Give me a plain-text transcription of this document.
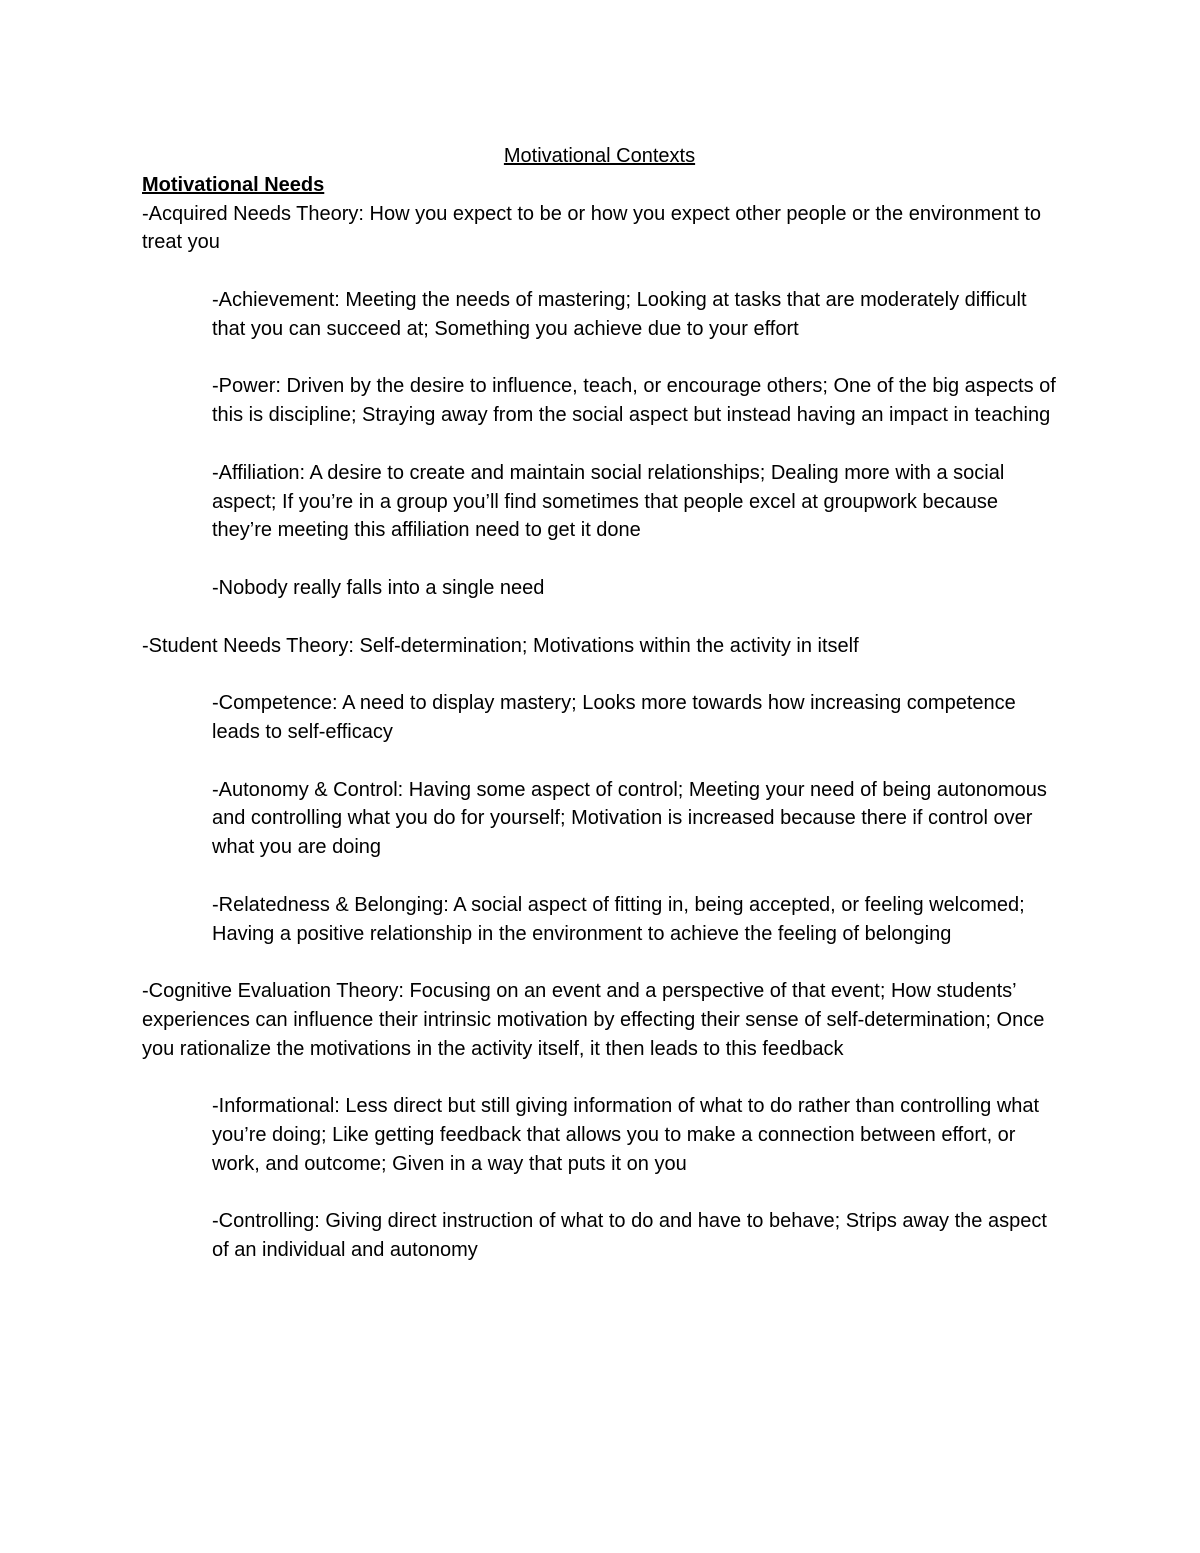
Motivational Contexts

Motivational Needs

-Acquired Needs Theory: How you expect to be or how you expect other people or the environment to treat you

-Achievement: Meeting the needs of mastering; Looking at tasks that are moderately difficult that you can succeed at; Something you achieve due to your effort

-Power: Driven by the desire to influence, teach, or encourage others; One of the big aspects of this is discipline; Straying away from the social aspect but instead having an impact in teaching

-Affiliation: A desire to create and maintain social relationships; Dealing more with a social aspect; If you’re in a group you’ll find sometimes that people excel at groupwork because they’re meeting this affiliation need to get it done

-Nobody really falls into a single need

-Student Needs Theory: Self-determination; Motivations within the activity in itself

-Competence: A need to display mastery; Looks more towards how increasing competence leads to self-efficacy

-Autonomy & Control: Having some aspect of control; Meeting your need of being autonomous and controlling what you do for yourself; Motivation is increased because there if control over what you are doing

-Relatedness & Belonging: A social aspect of fitting in, being accepted, or feeling welcomed; Having a positive relationship in the environment to achieve the feeling of belonging

-Cognitive Evaluation Theory: Focusing on an event and a perspective of that event; How students’ experiences can influence their intrinsic motivation by effecting their sense of self-determination; Once you rationalize the motivations in the activity itself, it then leads to this feedback

-Informational: Less direct but still giving information of what to do rather than controlling what you’re doing; Like getting feedback that allows you to make a connection between effort, or work, and outcome; Given in a way that puts it on you

-Controlling: Giving direct instruction of what to do and have to behave; Strips away the aspect of an individual and autonomy
